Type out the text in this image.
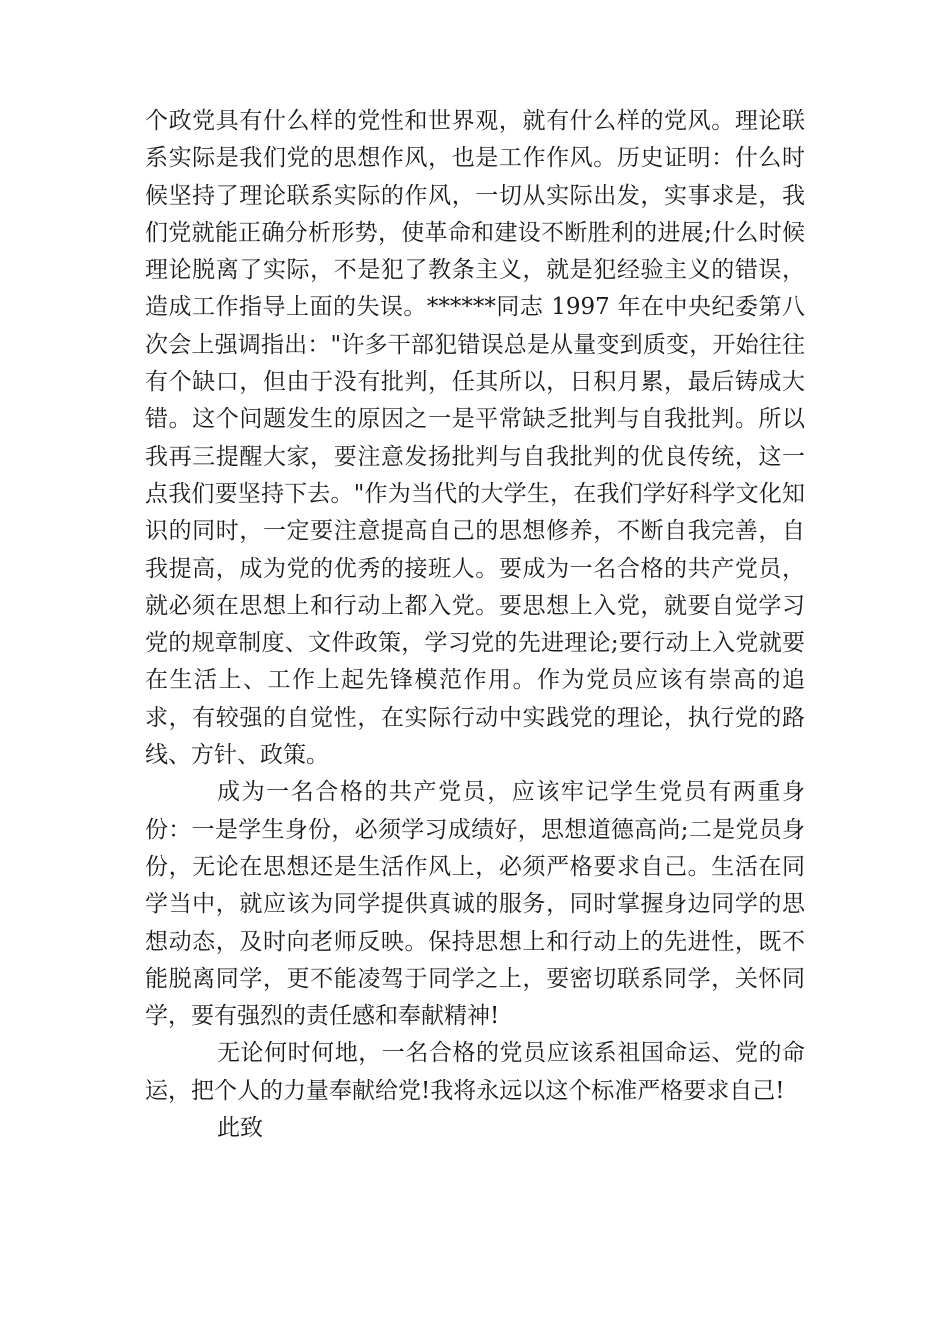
个政党具有什么样的党性和世界观，就有什么样的党风。理论联系实际是我们党的思想作风，也是工作作风。历史证明：什么时候坚持了理论联系实际的作风，一切从实际出发，实事求是，我们党就能正确分析形势，使革命和建设不断胜利的进展;什么时候理论脱离了实际，不是犯了教条主义，就是犯经验主义的错误，造成工作指导上面的失误。******同志 1997 年在中央纪委第八次会上强调指出："许多干部犯错误总是从量变到质变，开始往往有个缺口，但由于没有批判，任其所以，日积月累，最后铸成大错。这个问题发生的原因之一是平常缺乏批判与自我批判。所以我再三提醒大家，要注意发扬批判与自我批判的优良传统，这一点我们要坚持下去。"作为当代的大学生，在我们学好科学文化知识的同时，一定要注意提高自己的思想修养，不断自我完善，自我提高，成为党的优秀的接班人。要成为一名合格的共产党员，就必须在思想上和行动上都入党。要思想上入党，就要自觉学习党的规章制度、文件政策，学习党的先进理论;要行动上入党就要在生活上、工作上起先锋模范作用。作为党员应该有崇高的追求，有较强的自觉性，在实际行动中实践党的理论，执行党的路线、方针、政策。

成为一名合格的共产党员，应该牢记学生党员有两重身份：一是学生身份，必须学习成绩好，思想道德高尚;二是党员身份，无论在思想还是生活作风上，必须严格要求自己。生活在同学当中，就应该为同学提供真诚的服务，同时掌握身边同学的思想动态，及时向老师反映。保持思想上和行动上的先进性，既不能脱离同学，更不能凌驾于同学之上，要密切联系同学，关怀同学，要有强烈的责任感和奉献精神!

无论何时何地，一名合格的党员应该系祖国命运、党的命运，把个人的力量奉献给党!我将永远以这个标准严格要求自己!

此致
